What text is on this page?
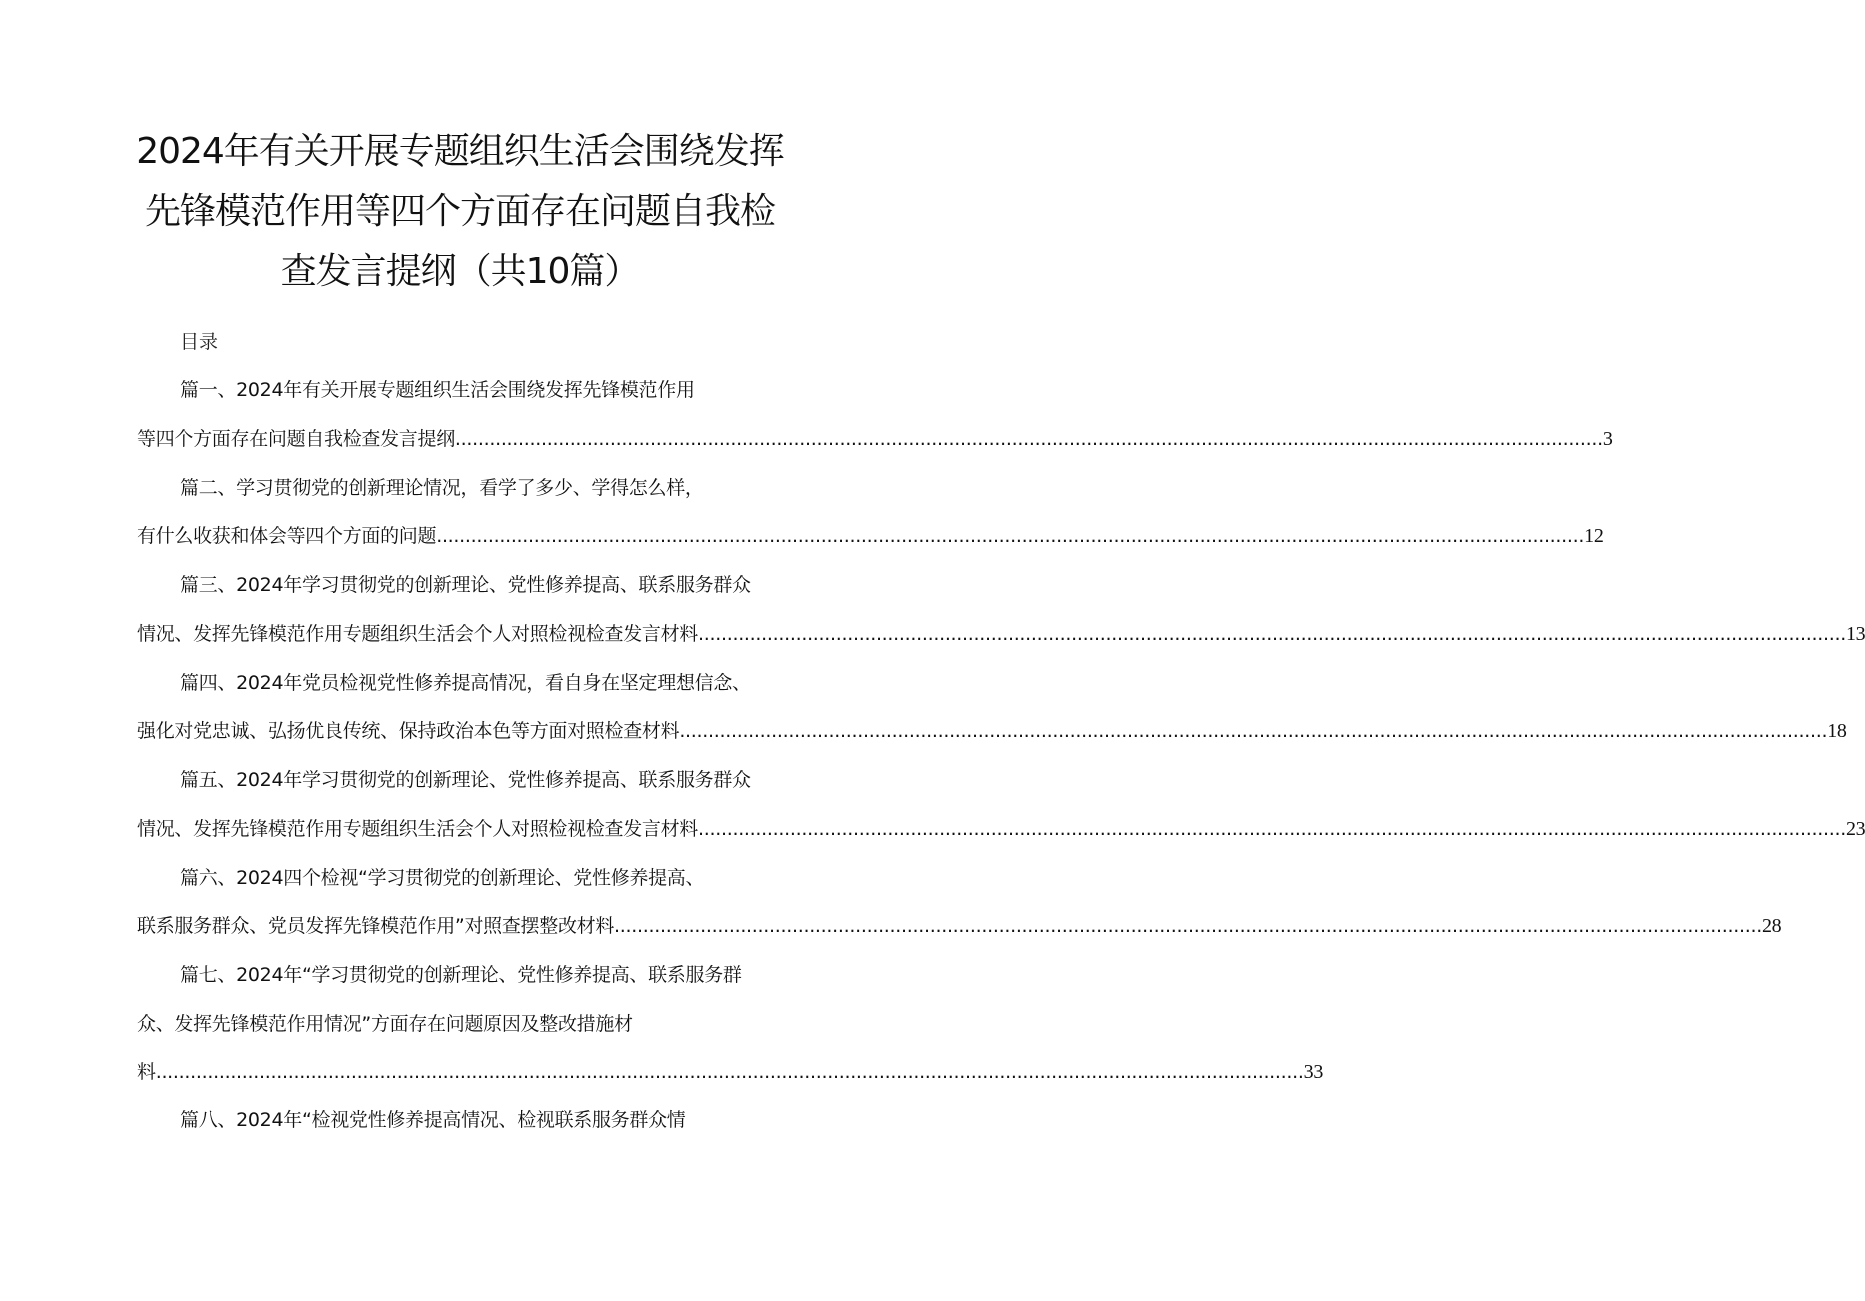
2024年有关开展专题组织生活会围绕发挥
先锋模范作用等四个方面存在问题自我检
查发言提纲（共10篇）
目录
篇一、2024年有关开展专题组织生活会围绕发挥先锋模范作用
等四个方面存在问题自我检查发言提纲 ........................................................................................................................................................................................................ 3
篇二、学习贯彻党的创新理论情况，看学了多少、学得怎么样，
有什么收获和体会等四个方面的问题 ........................................................................................................................................................................................................ 12
篇三、2024年学习贯彻党的创新理论、党性修养提高、联系服务群众
情况、发挥先锋模范作用专题组织生活会个人对照检视检查发言材料 ........................................................................................................................................................................................................ 13
篇四、2024年党员检视党性修养提高情况，看自身在坚定理想信念、
强化对党忠诚、弘扬优良传统、保持政治本色等方面对照检查材料 ........................................................................................................................................................................................................ 18
篇五、2024年学习贯彻党的创新理论、党性修养提高、联系服务群众
情况、发挥先锋模范作用专题组织生活会个人对照检视检查发言材料 ........................................................................................................................................................................................................ 23
篇六、2024四个检视“学习贯彻党的创新理论、党性修养提高、
联系服务群众、党员发挥先锋模范作用”对照查摆整改材料 ........................................................................................................................................................................................................ 28
篇七、2024年“学习贯彻党的创新理论、党性修养提高、联系服务群
众、发挥先锋模范作用情况”方面存在问题原因及整改措施材
料 ........................................................................................................................................................................................................ 33
篇八、2024年“检视党性修养提高情况、检视联系服务群众情
